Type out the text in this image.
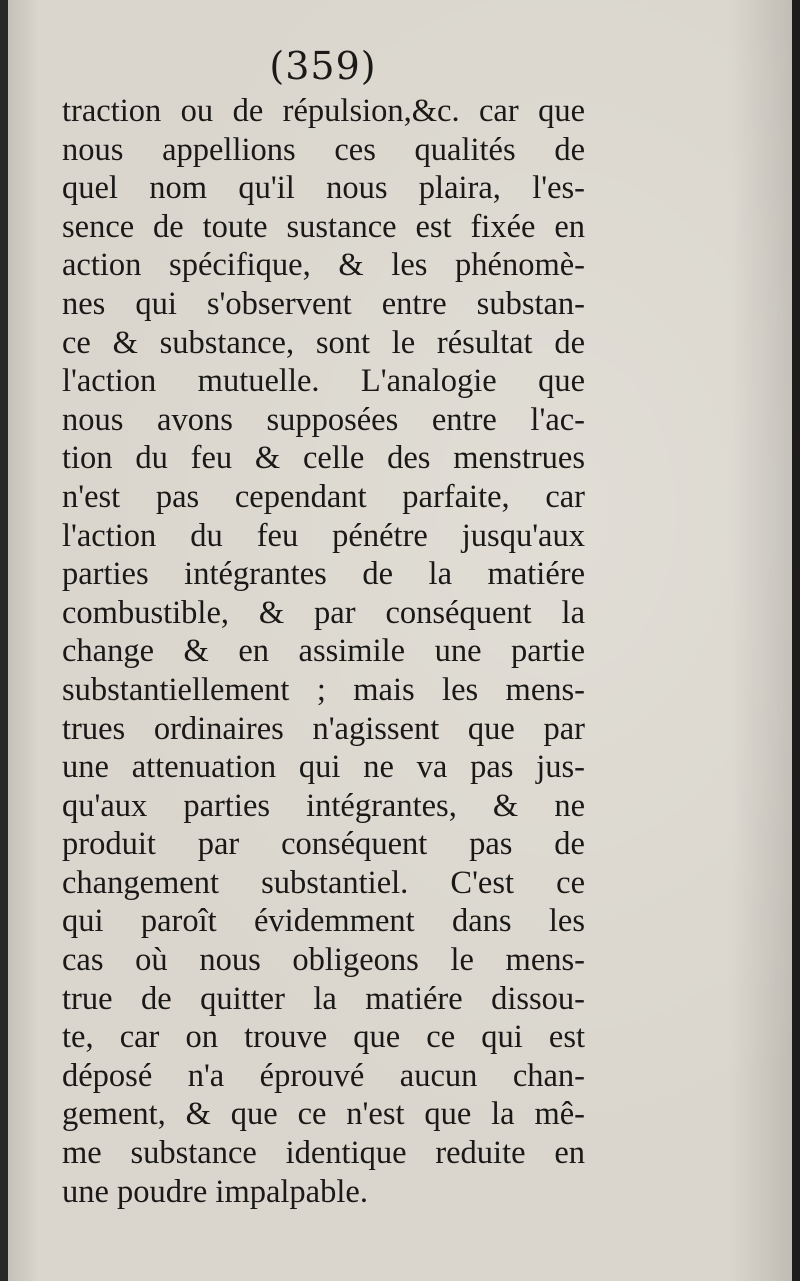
(359)
traction ou de répulsion,&c. car que
nous appellions ces qualités de
quel nom qu'il nous plaira, l'es-
sence de toute sustance est fixée en
action spécifique, & les phénomè-
nes qui s'observent entre substan-
ce & substance, sont le résultat de
l'action mutuelle. L'analogie que
nous avons supposées entre l'ac-
tion du feu & celle des menstrues
n'est pas cependant parfaite, car
l'action du feu pénétre jusqu'aux
parties intégrantes de la matiére
combustible, & par conséquent la
change & en assimile une partie
substantiellement ; mais les mens-
trues ordinaires n'agissent que par
une attenuation qui ne va pas jus-
qu'aux parties intégrantes, & ne
produit par conséquent pas de
changement substantiel. C'est ce
qui paroît évidemment dans les
cas où nous obligeons le mens-
true de quitter la matiére dissou-
te, car on trouve que ce qui est
déposé n'a éprouvé aucun chan-
gement, & que ce n'est que la mê-
me substance identique reduite en
une poudre impalpable.
